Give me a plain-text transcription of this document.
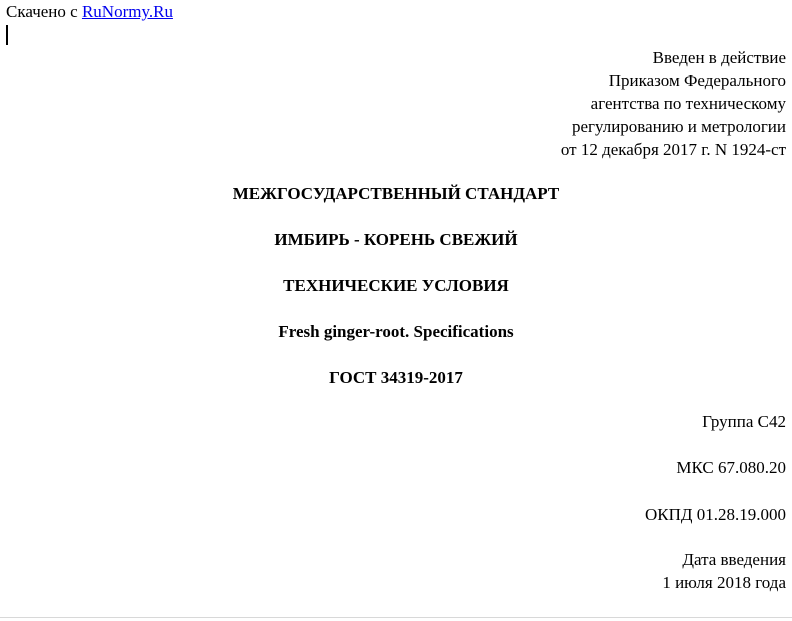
Скачено с RuNormy.Ru
Введен в действие
Приказом Федерального
агентства по техническому
регулированию и метрологии
от 12 декабря 2017 г. N 1924-ст
МЕЖГОСУДАРСТВЕННЫЙ СТАНДАРТ
ИМБИРЬ - КОРЕНЬ СВЕЖИЙ
ТЕХНИЧЕСКИЕ УСЛОВИЯ
Fresh ginger-root. Specifications
ГОСТ 34319-2017
Группа С42
МКС 67.080.20
ОКПД 01.28.19.000
Дата введения
1 июля 2018 года
